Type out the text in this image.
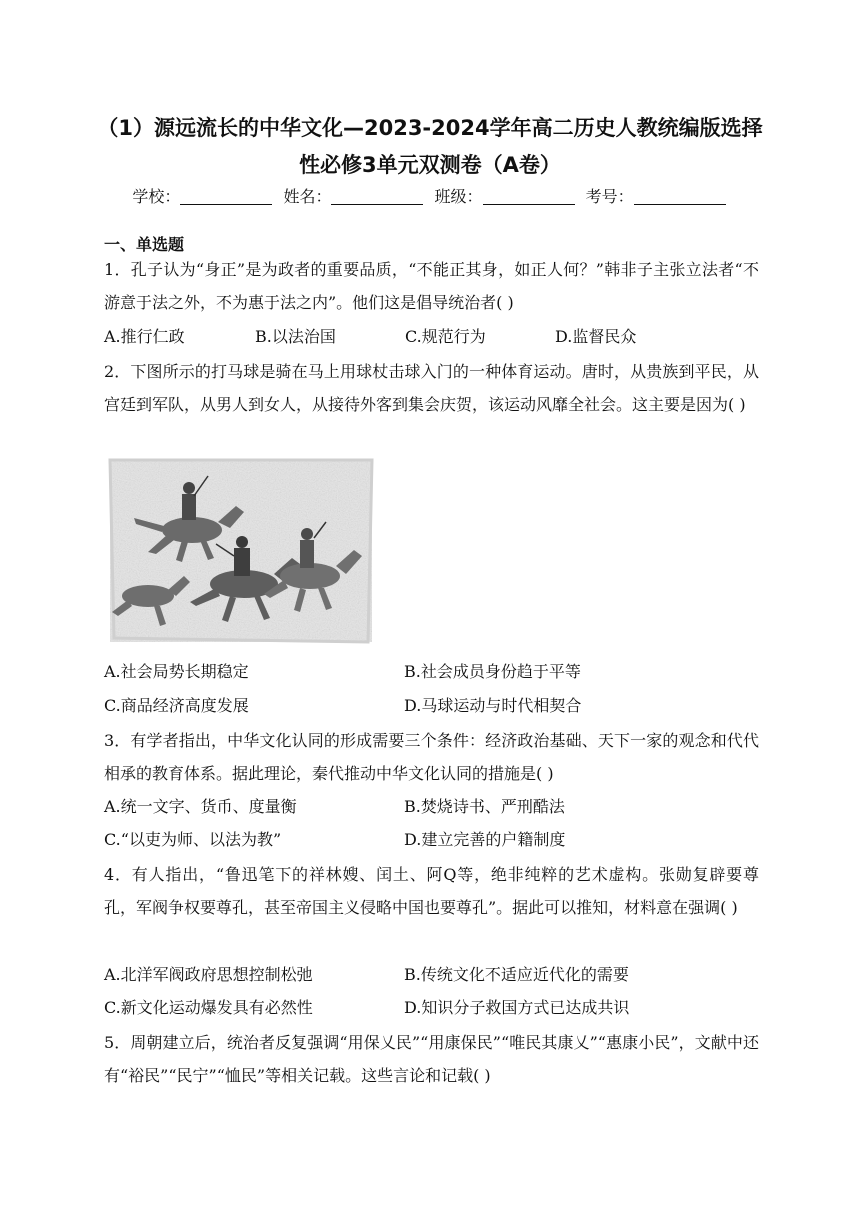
（1）源远流长的中华文化—2023-2024学年高二历史人教统编版选择
性必修3单元双测卷（A卷）
学校：	姓名：	班级：	考号：
一、单选题
1．孔子认为“身正”是为政者的重要品质，“不能正其身，如正人何？”韩非子主张立法者“不游意于法之外，不为惠于法之内”。他们这是倡导统治者( )
A.推行仁政	B.以法治国	C.规范行为	D.监督民众
2．下图所示的打马球是骑在马上用球杖击球入门的一种体育运动。唐时，从贵族到平民，从宫廷到军队，从男人到女人，从接待外客到集会庆贺，该运动风靡全社会。这主要是因为( )
A.社会局势长期稳定	B.社会成员身份趋于平等
C.商品经济高度发展	D.马球运动与时代相契合
3．有学者指出，中华文化认同的形成需要三个条件：经济政治基础、天下一家的观念和代代相承的教育体系。据此理论，秦代推动中华文化认同的措施是( )
A.统一文字、货币、度量衡	B.焚烧诗书、严刑酷法
C.“以吏为师、以法为教”	D.建立完善的户籍制度
4．有人指出，“鲁迅笔下的祥林嫂、闰土、阿Q等，绝非纯粹的艺术虚构。张勋复辟要尊孔，军阀争权要尊孔，甚至帝国主义侵略中国也要尊孔”。据此可以推知，材料意在强调( )
A.北洋军阀政府思想控制松弛	B.传统文化不适应近代化的需要
C.新文化运动爆发具有必然性	D.知识分子救国方式已达成共识
5．周朝建立后，统治者反复强调“用保乂民”“用康保民”“唯民其康乂”“惠康小民”，文献中还有“裕民”“民宁”“恤民”等相关记载。这些言论和记载( )
